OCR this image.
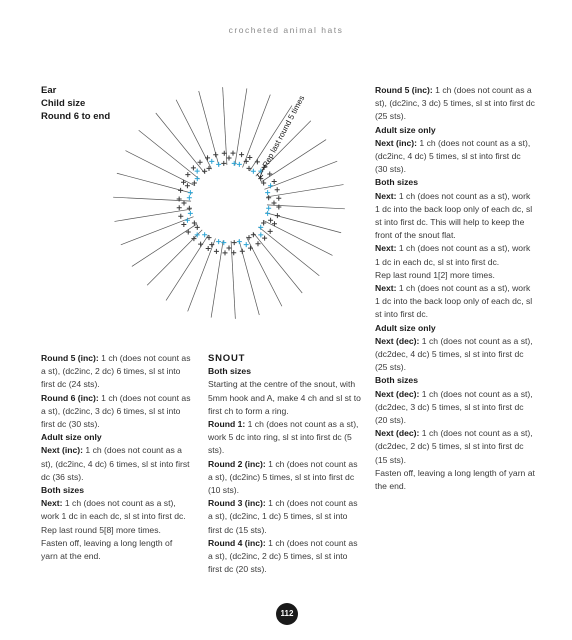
crocheted animal hats
Ear
Child size
Round 6 to end	Rep last round 5 times

Round 5 (inc): 1 ch (does not count as a st), (dc2inc, 2 dc) 6 times, sl st into first dc (24 sts).

Round 6 (inc): 1 ch (does not count as a st), (dc2inc, 3 dc) 6 times, sl st into first dc (30 sts).

Adult size only

Next (inc): 1 ch (does not count as a st), (dc2inc, 4 dc) 6 times, sl st into first dc (36 sts).

Both sizes

Next: 1 ch (does not count as a st), work 1 dc in each dc, sl st into first dc.

Rep last round 5[8] more times.

Fasten off, leaving a long length of yarn at the end.

SNOUT

Both sizes

Starting at the centre of the snout, with 5mm hook and A, make 4 ch and sl st to first ch to form a ring.

Round 1: 1 ch (does not count as a st), work 5 dc into ring, sl st into first dc (5 sts).

Round 2 (inc): 1 ch (does not count as a st), (dc2inc) 5 times, sl st into first dc (10 sts).

Round 3 (inc): 1 ch (does not count as a st), (dc2inc, 1 dc) 5 times, sl st into first dc (15 sts).

Round 4 (inc): 1 ch (does not count as a st), (dc2inc, 2 dc) 5 times, sl st into first dc (20 sts).

Round 5 (inc): 1 ch (does not count as a st), (dc2inc, 3 dc) 5 times, sl st into first dc (25 sts).

Adult size only

Next (inc): 1 ch (does not count as a st), (dc2inc, 4 dc) 5 times, sl st into first dc (30 sts).

Both sizes

Next: 1 ch (does not count as a st), work 1 dc into the back loop only of each dc, sl st into first dc. This will help to keep the front of the snout flat.

Next: 1 ch (does not count as a st), work 1 dc in each dc, sl st into first dc.

Rep last round 1[2] more times.

Next: 1 ch (does not count as a st), work 1 dc into the back loop only of each dc, sl st into first dc.

Adult size only

Next (dec): 1 ch (does not count as a st), (dc2dec, 4 dc) 5 times, sl st into first dc (25 sts).

Both sizes

Next (dec): 1 ch (does not count as a st), (dc2dec, 3 dc) 5 times, sl st into first dc (20 sts).

Next (dec): 1 ch (does not count as a st), (dc2dec, 2 dc) 5 times, sl st into first dc (15 sts).

Fasten off, leaving a long length of yarn at the end.

112
